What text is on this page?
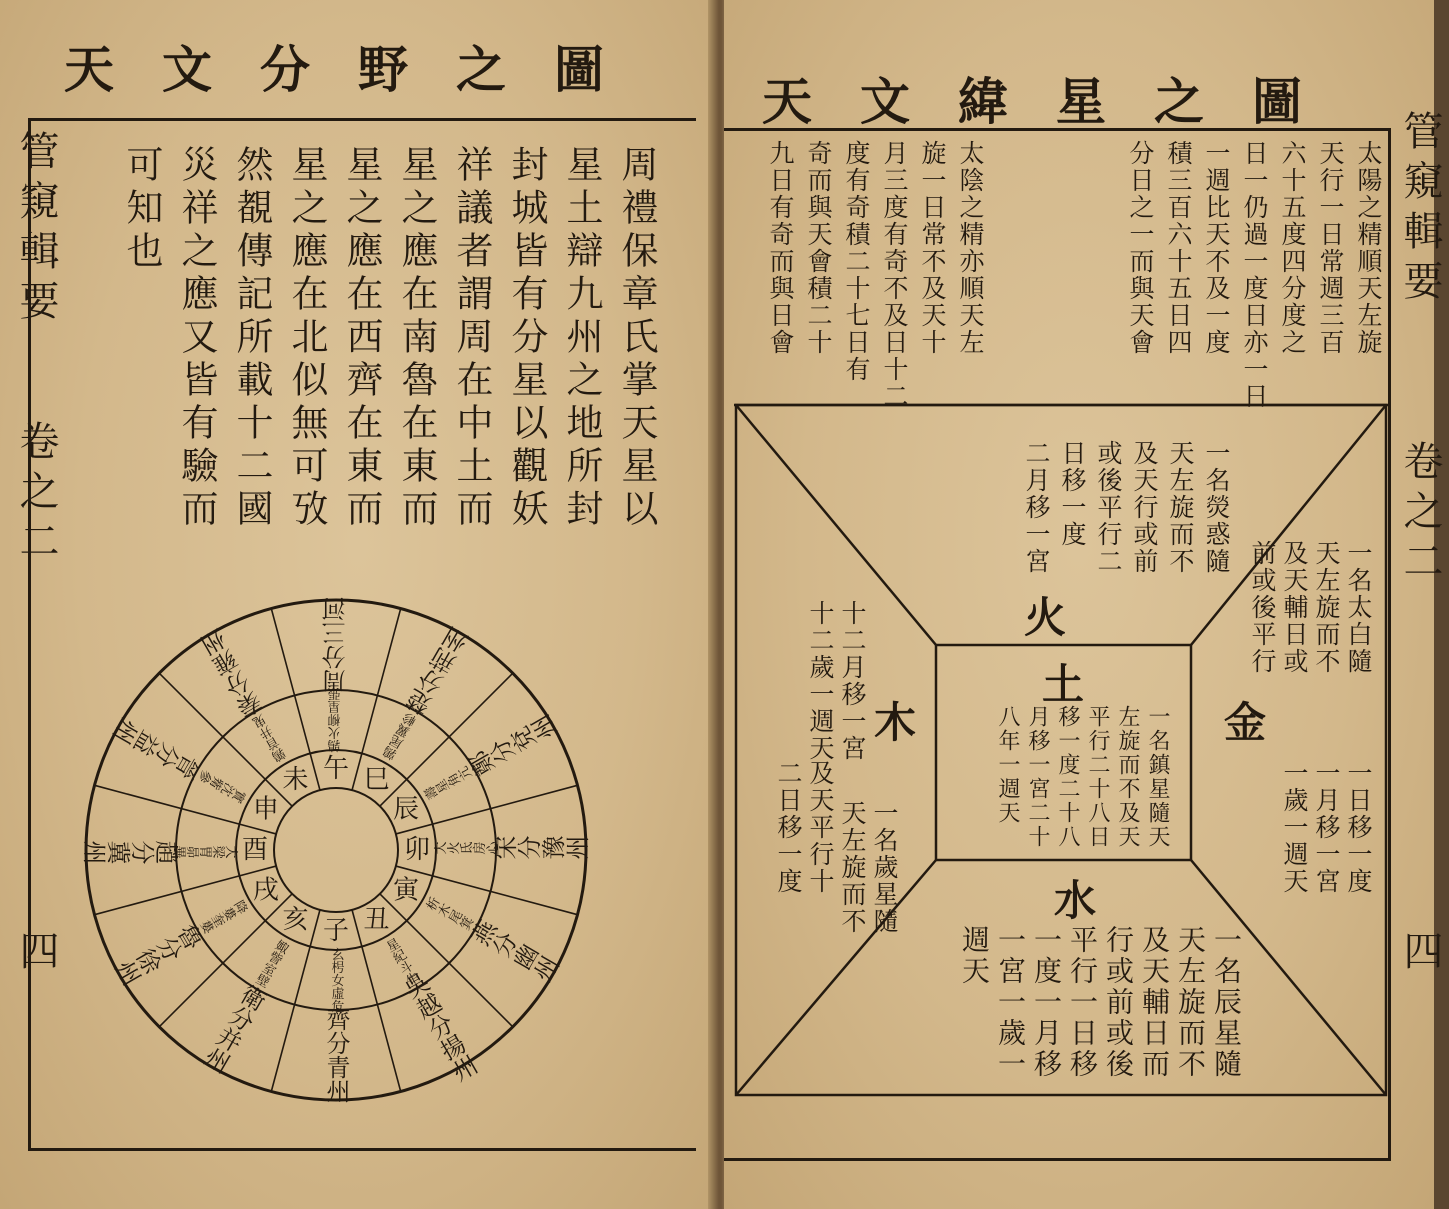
天文分野之圖
管窺輯要
卷之二
四
周禮保章氏掌天星以
星土辯九州之地所封
封城皆有分星以觀妖
祥議者謂周在中土而
星之應在南魯在東而
星之應在西齊在東而
星之應在北似無可攷
然覩傳記所載十二國
災祥之應又皆有驗而
可知也
子 丑
寅
卯
辰
巳
午
未
申
酉
戌
亥
玄枵女虛危	星紀斗牛
析木尾箕
大火氐房心
壽星角亢
鶉尾翼軫
鶉火柳星張
鶉首井鬼
實沈觜參
大梁胃昴畢
降婁奎婁
娵訾室壁
齊分青州 吳越分揚州
燕分幽州
宋分豫州
鄭分兗州
楚分荊州
周分三河
秦分雍州
晉分益州
趙分冀州
魯分徐州
衛分并州
天文緯星之圖
管窺輯要
卷之二
四
太陽之精順天左旋
天行一日常週三百
六十五度四分度之
日一仍過一度日亦一日
一週比天不及一度
積三百六十五日四
分日之一而與天會
太陰之精亦順天左
旋一日常不及天十
月三度有奇不及日十二
度有奇積二十七日有
奇而與天會積二十
九日有奇而與日會
一名熒惑隨
天左旋而不
及天行或前
或後平行二
日移一度
二月移一宮
火
土
一名鎮星隨天
左旋而不及天
平行二十八日
移一度二十八
月移一宮二十
八年一週天	金
一名太白隨
天左旋而不
及天輔日或
前或後平行
一日移一度
一月移一宮
一歲一週天
木
一名歲星隨
天左旋而不
及天平行十
二日移一度
十二月移一宮
十二歲一週天
水
一名辰星隨
天左旋而不
及天輔日而
行或前或後
平行一日移
一度一月移
一宮一歲一
週天
